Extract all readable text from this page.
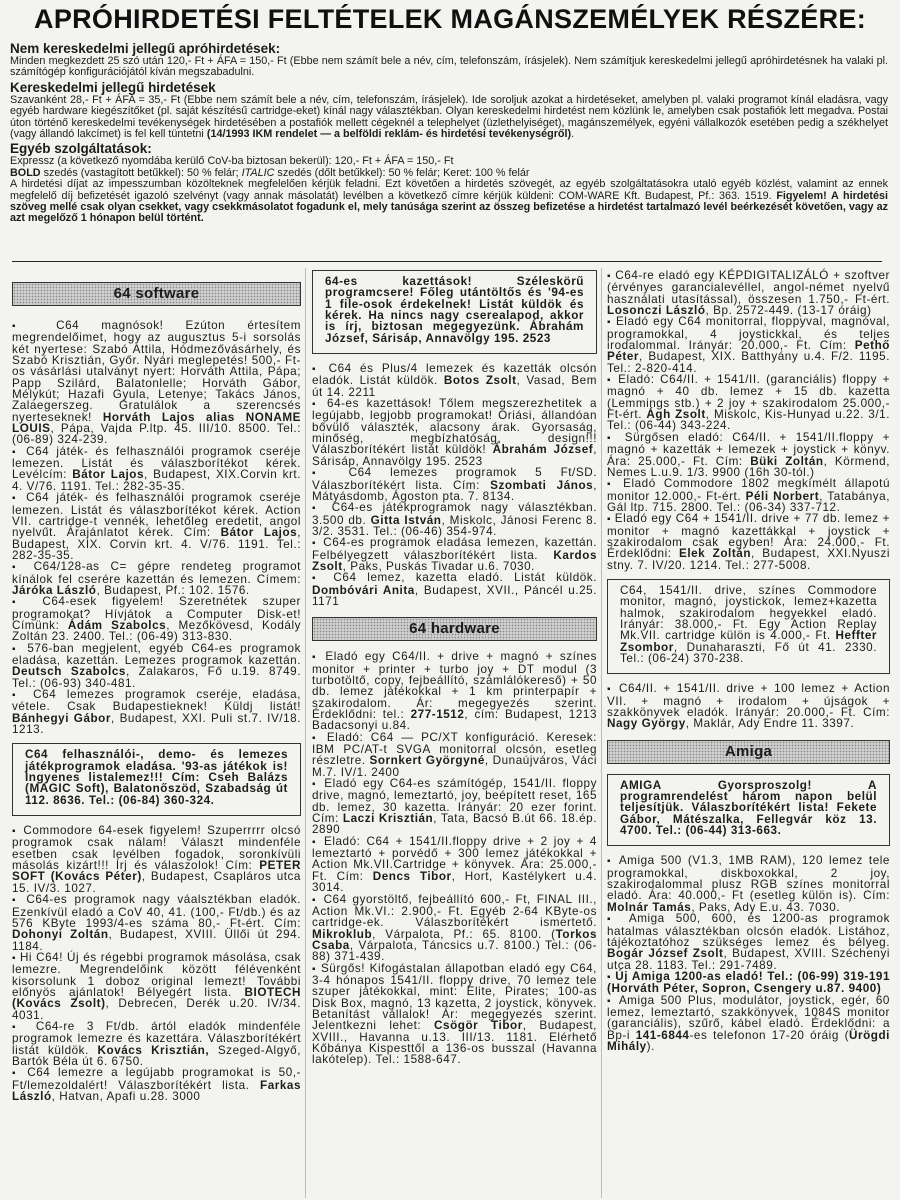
APRÓHIRDETÉSI FELTÉTELEK MAGÁNSZEMÉLYEK RÉSZÉRE:
Nem kereskedelmi jellegű apróhirdetések:
Minden megkezdett 25 szó után 120,- Ft + ÁFA = 150,- Ft (Ebbe nem számít bele a név, cím, telefonszám, írásjelek). Nem számítjuk kereskedelmi jellegű apróhirdetésnek ha valaki pl. számítógép konfigurációjától kíván megszabadulni.
Kereskedelmi jellegű hirdetések
Szavanként 28,- Ft + ÁFA = 35,- Ft (Ebbe nem számít bele a név, cím, telefonszám, írásjelek). Ide soroljuk azokat a hirdetéseket, amelyben pl. valaki programot kínál eladásra, vagy egyéb hardware kiegészítőket (pl. saját készítésű cartridge-eket) kínál nagy választékban. Olyan kereskedelmi hirdetést nem közlünk le, amelyben csak postafiók lett megadva. Postai úton történő kereskedelmi tevékenységek hirdetésében a postafiók mellett cégeknél a telephelyet (üzlethelyiséget), magánszemélyek, egyéni vállalkozók esetében pedig a székhelyet (vagy állandó lakcímet) is fel kell tüntetni (14/1993 IKM rendelet — a belföldi reklám- és hirdetési tevékenységről).
Egyéb szolgáltatások:
Expressz (a következő nyomdába kerülő CoV-ba biztosan bekerül): 120,- Ft + ÁFA = 150,- Ft
BOLD szedés (vastagított betűkkel): 50 % felár; ITALIC szedés (dőlt betűkkel): 50 % felár; Keret: 100 % felár
A hirdetési díjat az impesszumban közölteknek megfelelően kérjük feladni. Ezt követően a hirdetés szövegét, az egyéb szolgáltatásokra utaló egyéb közlést, valamint az ennek megfelelő díj befizetését igazoló szelvényt (vagy annak másolatát) levélben a következő címre kérjük küldeni: COM-WARE Kft. Budapest, Pf.: 363. 1519. Figyelem! A hirdetési szöveg mellé csak olyan csekket, vagy csekkmásolatot fogadunk el, mely tanúsága szerint az összeg befizetése a hirdetést tartalmazó levél beérkezését követően, vagy az azt megelőző 1 hónapon belül történt.
64 software
▪ C64 magnósok! Ezúton értesítem megrendelőimet, hogy az augusztus 5-i sorsolás két nyertese: Szabó Attila, Hódmezővásárhely, és Szabó Krisztián, Győr. Nyári meglepetés! 500,- Ft-os vásárlási utalványt nyert: Horváth Attila, Pápa; Papp Szilárd, Balatonlelle; Horváth Gábor, Mélykút; Hazafi Gyula, Letenye; Takács János, Zalaegerszeg. Gratulálok a szerencsés nyerteseknek! Horváth Lajos alias NONAME LOUIS, Pápa, Vajda P.ltp. 45. III/10. 8500. Tel.: (06-89) 324-239.
▪ C64 játék- és felhasználói programok cseréje lemezen. Listát és válaszborítékot kérek. Levélcím: Bátor Lajos, Budapest, XIX.Corvin krt. 4. V/76. 1191. Tel.: 282-35-35.
▪ C64 játék- és felhasználói programok cseréje lemezen. Listát és válaszborítékot kérek. Action VII. cartridge-t vennék, lehetőleg eredetit, angol nyelvűt. Árajánlatot kérek. Cím: Bátor Lajos, Budapest, XIX. Corvin krt. 4. V/76. 1191. Tel.: 282-35-35.
▪ C64/128-as C= gépre rendeteg programot kínálok fel cserére kazettán és lemezen. Címem: Járóka László, Budapest, Pf.: 102. 1576.
▪ C64-esek figyelem! Szeretnétek szuper programokat? Hívjátok a Computer Disk-et! Címünk: Ádám Szabolcs, Mezőkövesd, Kodály Zoltán 23. 2400. Tel.: (06-49) 313-830.
▪ 576-ban megjelent, egyéb C64-es programok eladása, kazettán. Lemezes programok kazettán. Deutsch Szabolcs, Zalakaros, Fő u.19. 8749. Tel.: (06-93) 340-481.
▪ C64 lemezes programok cseréje, eladása, vétele. Csak Budapestieknek! Küldj listát! Bánhegyi Gábor, Budapest, XXI. Puli st.7. IV/18. 1213.
C64 felhasználói-, demo- és lemezes játékprogramok eladása. '93-as játékok is! Ingyenes listalemez!!! Cím: Cseh Balázs (MAGIC Soft), Balatonőszöd, Szabadság út 112. 8636. Tel.: (06-84) 360-324.
▪ Commodore 64-esek figyelem! Szuperrrrr olcsó programok csak nálam! Választ mindenféle esetben csak levélben fogadok, soronkívüli másolás kizárt!!! Írj és válaszolok! Cím: PETER SOFT (Kovács Péter), Budapest, Csapláros utca 15. IV/3. 1027.
▪ C64-es programok nagy váalsztékban eladók. Ezenkívül eladó a CoV 40, 41. (100,- Ft/db.) és az 576 KByte 1993/4-es száma 80,- Ft-ért. Cím: Dohonyi Zoltán, Budapest, XVIII. Üllői út 294. 1184.
▪ Hi C64! Új és régebbi programok másolása, csak lemezre. Megrendelőink között félévenként kisorsolunk 1 doboz original lemezt! További előnyös ajánlatok! Bélyegért lista. BIOTECH (Kovács Zsolt), Debrecen, Derék u.20. IV/34. 4031.
▪ C64-re 3 Ft/db. ártól eladók mindenféle programok lemezre és kazettára. Válaszborítékért listát küldök. Kovács Krisztián, Szeged-Algyő, Bartók Béla út 6. 6750.
▪ C64 lemezre a legújabb programokat is 50,- Ft/lemezoldalért! Válaszborítékért lista. Farkas László, Hatvan, Apafi u.28. 3000
64-es kazettások! Széleskörű programcsere! Főleg utántöltős és '94-es 1 file-osok érdekelnek! Listát küldök és kérek. Ha nincs nagy cserealapod, akkor is írj, biztosan megegyezünk. Ábrahám József, Sárisáp, Annavölgy 195. 2523
▪ C64 és Plus/4 lemezek és kazetták olcsón eladók. Listát küldök. Botos Zsolt, Vasad, Bem út 14. 2211
▪ 64-es kazettások! Tőlem megszerezhetitek a legújabb, legjobb programokat! Óriási, állandóan bővülő választék, alacsony árak. Gyorsaság, minőség, megbízhatóság, design!!! Válaszborítékért listát küldök! Ábrahám József, Sárisáp, Annavölgy 195. 2523
▪ C64 lemezes programok 5 Ft/SD. Válaszborítékért lista. Cím: Szombati János, Mátyásdomb, Ágoston pta. 7. 8134.
▪ C64-es játékprogramok nagy választékban. 3.500 db. Gitta István, Miskolc, Jánosi Ferenc 8. 3/2. 3531. Tel.: (06-46) 354-974.
▪ C64-es programok eladása lemezen, kazettán. Felbélyegzett válaszborítékért lista. Kardos Zsolt, Paks, Puskás Tivadar u.6. 7030.
▪ C64 lemez, kazetta eladó. Listát küldök. Dombóvári Anita, Budapest, XVII., Páncél u.25. 1171
64 hardware
▪ Eladó egy C64/II. + drive + magnó + színes monitor + printer + turbo joy + DT modul (3 turbotöltő, copy, fejbeállító, számlálókereső) + 50 db. lemez játékokkal + 1 km printerpapír + szakirodalom. Ár: megegyezés szerint. Érdeklődni: tel.: 277-1512, cím: Budapest, 1213 Badacsonyi u.84.
▪ Eladó: C64 — PC/XT konfiguráció. Keresek: IBM PC/AT-t SVGA monitorral olcsón, esetleg részletre. Sornkert Györgyné, Dunaújváros, Váci M.7. IV/1. 2400
▪ Eladó egy C64-es számítógép, 1541/II. floppy drive, magnó, lemeztartó, joy, beépített reset, 165 db. lemez, 30 kazetta. Irányár: 20 ezer forint. Cím: Laczi Krisztián, Tata, Bacsó B.út 66. 18.ép. 2890
▪ Eladó: C64 + 1541/II.floppy drive + 2 joy + 4 lemeztartó + porvédő + 300 lemez játékokkal + Action Mk.VII.Cartridge + könyvek. Ára: 25.000,- Ft. Cím: Dencs Tibor, Hort, Kastélykert u.4. 3014.
▪ C64 gyorstöltő, fejbeállító 600,- Ft, FINAL III., Action Mk.VI.: 2.900,- Ft. Egyéb 2-64 KByte-os cartridge-ek. Válaszborítékért ismertető. Mikroklub, Várpalota, Pf.: 65. 8100. (Torkos Csaba, Várpalota, Táncsics u.7. 8100.) Tel.: (06-88) 371-439.
▪ Sürgős! Kifogástalan állapotban eladó egy C64, 3-4 hónapos 1541/II. floppy drive, 70 lemez tele szuper játékokkal, mint: Elite, Pirates; 100-as Disk Box, magnó, 13 kazetta, 2 joystick, könyvek. Betanítást vállalok! Ár: megegyezés szerint. Jelentkezni lehet: Csögör Tibor, Budapest, XVIII., Havanna u.13. III/13. 1181. Elérhető Kőbánya Kispesttől a 136-os busszal (Havanna lakótelep). Tel.: 1588-647.
▪ C64-re eladó egy KÉPDIGITALIZÁLÓ + szoftver (érvényes garancialevéllel, angol-német nyelvű használati utasítással), összesen 1.750,- Ft-ért. Losonczi László, Bp. 2572-449. (13-17 óráig)
▪ Eladó egy C64 monitorral, floppyval, magnóval, programokkal, 4 joystickkal, és teljes irodalommal. Irányár: 20.000,- Ft. Cím: Pethő Péter, Budapest, XIX. Batthyány u.4. F/2. 1195. Tel.: 2-820-414.
▪ Eladó: C64/II. + 1541/II. (garanciális) floppy + magnó + 40 db. lemez + 15 db. kazetta (Lemmings stb.) + 2 joy + szakirodalom 25.000,- Ft-ért. Ágh Zsolt, Miskolc, Kis-Hunyad u.22. 3/1. Tel.: (06-44) 343-224.
▪ Sürgősen eladó: C64/II. + 1541/II.floppy + magnó + kazetták + lemezek + joystick + könyv. Ára: 25.000,- Ft. Cím: Büki Zoltán, Körmend, Nemes L.u.9. 1/3. 9900 (16h 30-tól.)
▪ Eladó Commodore 1802 megkímélt állapotú monitor 12.000,- Ft-ért. Péli Norbert, Tatabánya, Gál ltp. 715. 2800. Tel.: (06-34) 337-712.
▪ Eladó egy C64 + 1541/II. drive + 77 db. lemez + monitor + magnó kazettákkal + joystick + szakirodalom csak egyben! Ára: 24.000,- Ft. Érdeklődni: Elek Zoltán, Budapest, XXI.Nyuszi stny. 7. IV/20. 1214. Tel.: 277-5008.
C64, 1541/II. drive, színes Commodore monitor, magnó, joystickok, lemez+kazetta halmok, szakirodalom hegyekkel eladó. Irányár: 38.000,- Ft. Egy Action Replay Mk.VII. cartridge külön is 4.000,- Ft. Heffter Zsombor, Dunaharaszti, Fő út 41. 2330. Tel.: (06-24) 370-238.
▪ C64/II. + 1541/II. drive + 100 lemez + Action VII. + magnó + irodalom + újságok + szakkönyvek eladók. Irányár: 20.000,- Ft. Cím: Nagy György, Maklár, Ady Endre 11. 3397.
Amiga
AMIGA Gyorsproszolg! A programrendelést három napon belül teljesítjük. Válaszborítékért lista! Fekete Gábor, Mátészalka, Fellegvár köz 13. 4700. Tel.: (06-44) 313-663.
▪ Amiga 500 (V1.3, 1MB RAM), 120 lemez tele programokkal, diskboxokkal, 2 joy, szakirodalommal plusz RGB színes monitorral eladó. Ára: 40.000,- Ft (esetleg külön is). Cím: Molnár Tamás, Paks, Ady E.u. 43. 7030.
▪ Amiga 500, 600, és 1200-as programok hatalmas választékban olcsón eladók. Listához, tájékoztatóhoz szükséges lemez és bélyeg. Bogár József Zsolt, Budapest, XVIII. Széchenyi utca 28. 1183. Tel.: 291-7489.
▪ Új Amiga 1200-as eladó! Tel.: (06-99) 319-191 (Horváth Péter, Sopron, Csengery u.87. 9400)
▪ Amiga 500 Plus, modulátor, joystick, egér, 60 lemez, lemeztartó, szakkönyvek, 1084S monitor (garanciális), szűrő, kábel eladó. Érdeklődni: a Bp-i 141-6844-es telefonon 17-20 óráig (Ürögdi Mihály).
